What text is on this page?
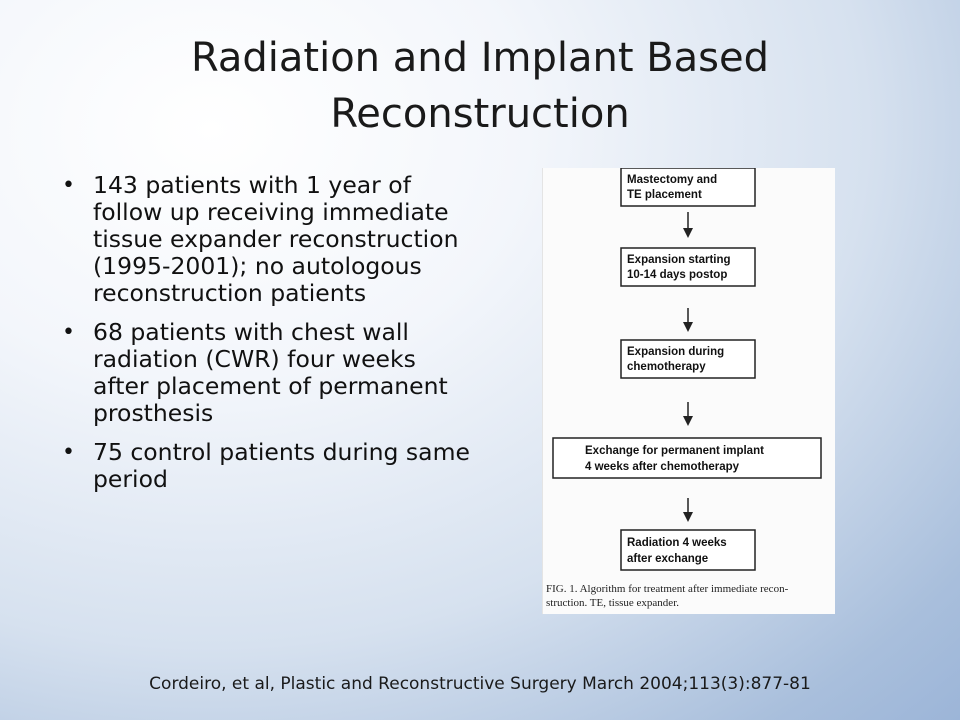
Radiation and Implant Based
Reconstruction
• 143 patients with 1 year of follow up receiving immediate tissue expander reconstruction (1995-2001); no autologous reconstruction patients
• 68 patients with chest wall radiation (CWR) four weeks after placement of permanent prosthesis
• 75 control patients during same period
Mastectomy and
TE placement
Expansion starting
10-14 days postop
Expansion during
chemotherapy
Exchange for permanent implant
4 weeks after chemotherapy
Radiation 4 weeks
after exchange
FIG. 1. Algorithm for treatment after immediate recon-
struction. TE, tissue expander.
Cordeiro, et al, Plastic and Reconstructive Surgery March 2004;113(3):877-81
